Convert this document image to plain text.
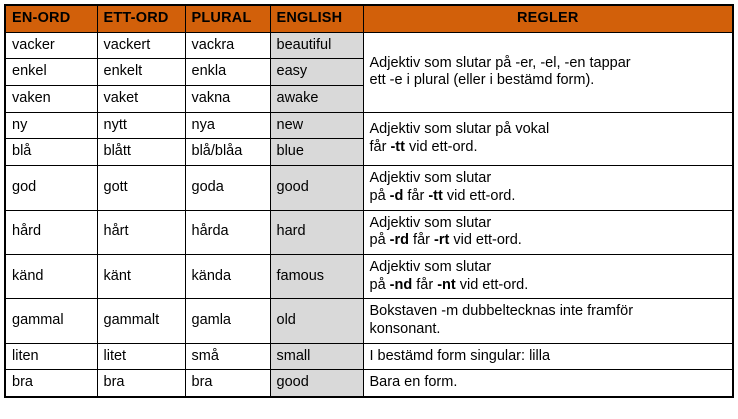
EN-ORD	ETT-ORD	PLURAL	ENGLISH	REGLER
vacker	vackert	vackra	beautiful	Adjektiv som slutar på -er, -el, -en tappar
ett -e i plural (eller i bestämd form).

enkel	enkelt	enkla	easy	
vaken	vaket	vakna	awake	
ny	nytt	nya	new	Adjektiv som slutar på vokal
får -tt vid ett-ord.

blå	blått	blå/blåa	blue	
god	gott	goda	good	Adjektiv som slutar
på -d får -tt vid ett-ord.

hård	hårt	hårda	hard	Adjektiv som slutar
på -rd får -rt vid ett-ord.

känd	känt	kända	famous	Adjektiv som slutar
på -nd får -nt vid ett-ord.

gammal	gammalt	gamla	old	Bokstaven -m dubbeltecknas inte framför
konsonant.

liten	litet	små	small	I bestämd form singular: lilla
bra	bra	bra	good	Bara en form.
